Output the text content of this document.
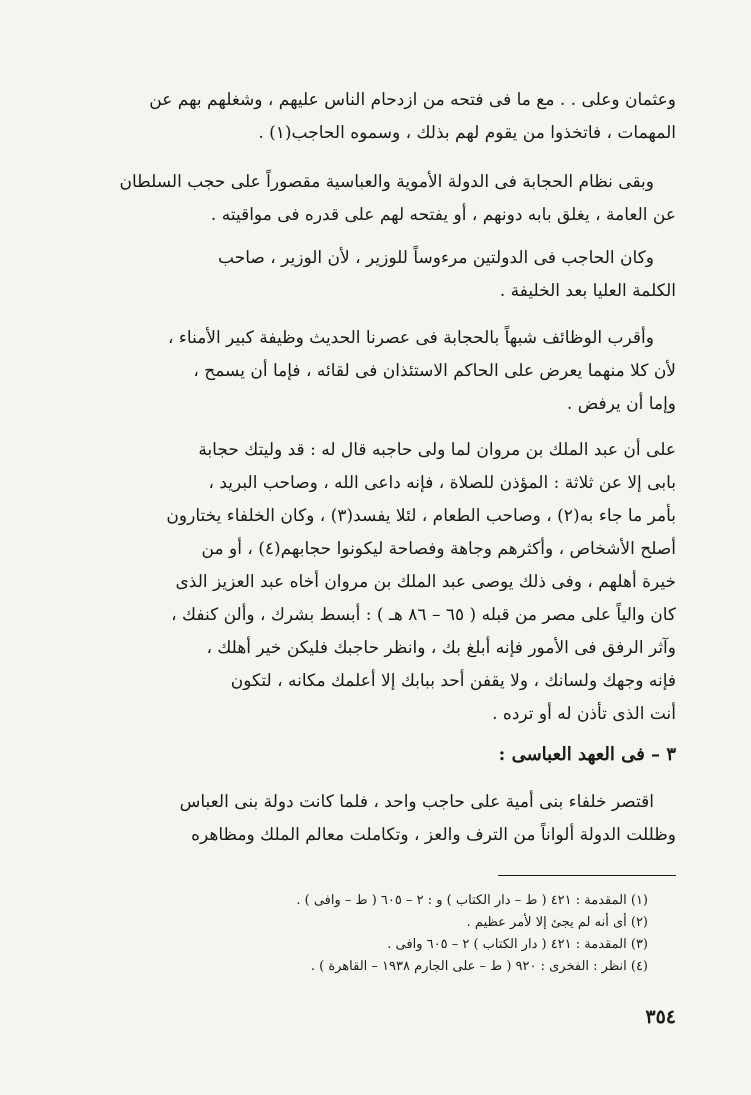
وعثمان وعلى . . مع ما فى فتحه من ازدحام الناس عليهم ، وشغلهم بهم عن
المهمات ، فاتخذوا من يقوم لهم بذلك ، وسموه الحاجب(١) .

وبقى نظام الحجابة فى الدولة الأموية والعباسية مقصوراً على حجب السلطان
عن العامة ، يغلق بابه دونهم ، أو يفتحه لهم على قدره فى مواقيته .

وكان الحاجب فى الدولتين مرءوساً للوزير ، لأن الوزير ، صاحب
الكلمة العليا بعد الخليفة .

وأقرب الوظائف شبهاً بالحجابة فى عصرنا الحديث وظيفة كبير الأمناء ،
لأن كلا منهما يعرض على الحاكم الاستئذان فى لقائه ، فإما أن يسمح ،
وإما أن يرفض .

على أن عبد الملك بن مروان لما ولى حاجبه قال له : قد وليتك حجابة
بابى إلا عن ثلاثة : المؤذن للصلاة ، فإنه داعى الله ، وصاحب البريد ،
بأمر ما جاء به(٢) ، وصاحب الطعام ، لئلا يفسد(٣) ، وكان الخلفاء يختارون
أصلح الأشخاص ، وأكثرهم وجاهة وفصاحة ليكونوا حجابهم(٤) ، أو من
خيرة أهلهم ، وفى ذلك يوصى عبد الملك بن مروان أخاه عبد العزيز الذى
كان والياً على مصر من قبله ( ٦٥ – ٨٦ هـ ) : أبسط بشرك ، وألن كنفك ،
وآثر الرفق فى الأمور فإنه أبلغ بك ، وانظر حاجبك فليكن خير أهلك ،
فإنه وجهك ولسانك ، ولا يقفن أحد ببابك إلا أعلمك مكانه ، لتكون
أنت الذى تأذن له أو ترده .

٣ – فى العهد العباسى :

اقتصر خلفاء بنى أمية على حاجب واحد ، فلما كانت دولة بنى العباس
وظللت الدولة ألواناً من الترف والعز ، وتكاملت معالم الملك ومظاهره

(١) المقدمة : ٤٢١ ( ط – دار الكتاب ) و : ٢ – ٦٠٥ ( ط – وافى ) .
(٢) أى أنه لم يجئ إلا لأمر عظيم .
(٣) المقدمة : ٤٢١ ( دار الكتاب ) ٢ – ٦٠٥ وافى .
(٤) انظر : الفخرى : ٩٢٠ ( ط – على الجارم ١٩٣٨ – القاهرة ) .
٣٥٤
